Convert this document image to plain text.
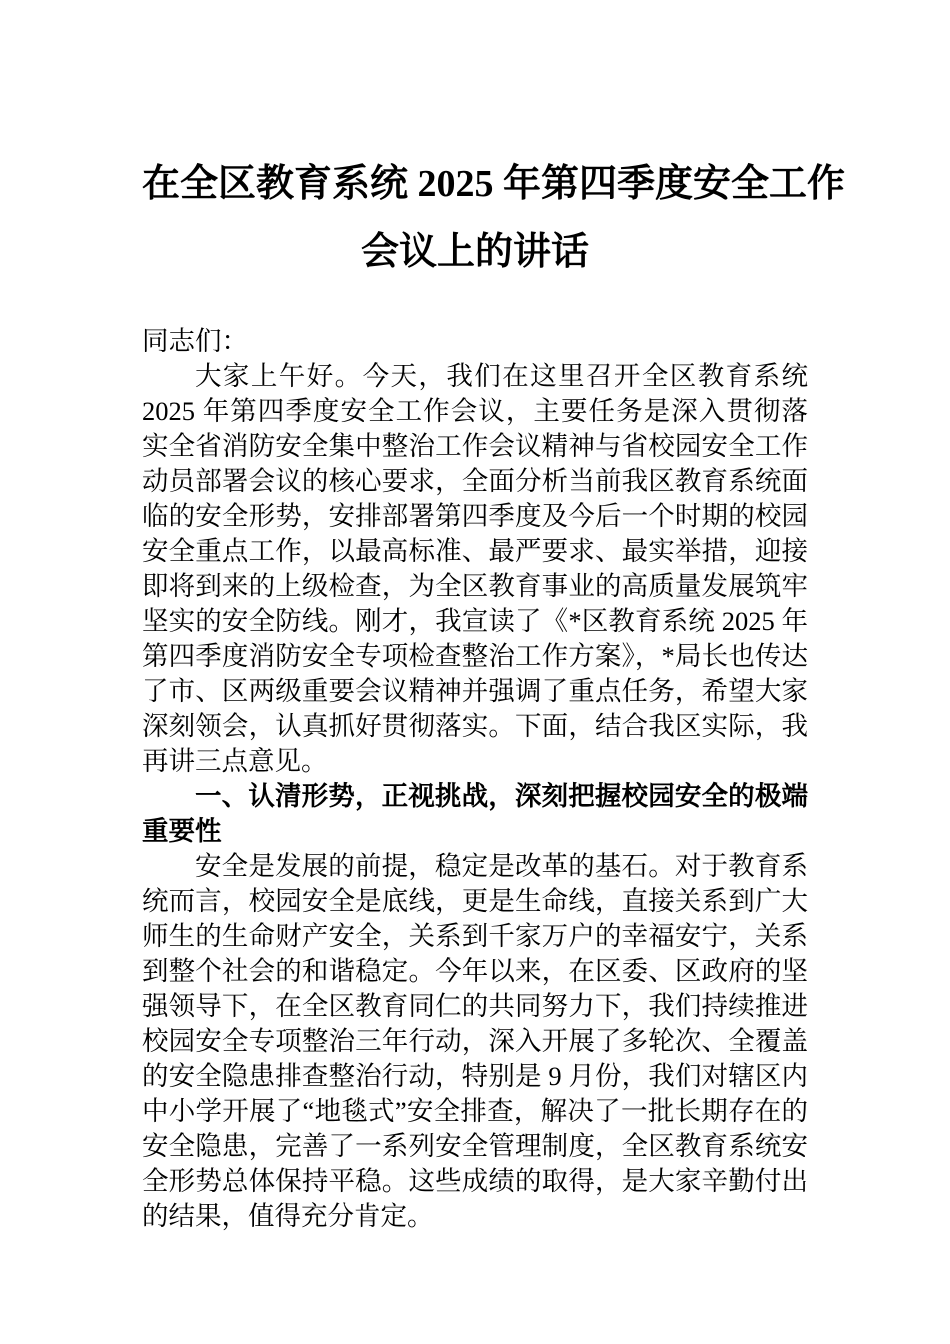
在全区教育系统 2025 年第四季度安全工作
会议上的讲话

同志们：

大家上午好。今天，我们在这里召开全区教育系统 2025 年第四季度安全工作会议，主要任务是深入贯彻落实全省消防安全集中整治工作会议精神与省校园安全工作动员部署会议的核心要求，全面分析当前我区教育系统面临的安全形势，安排部署第四季度及今后一个时期的校园安全重点工作，以最高标准、最严要求、最实举措，迎接即将到来的上级检查，为全区教育事业的高质量发展筑牢坚实的安全防线。刚才，我宣读了《*区教育系统 2025 年第四季度消防安全专项检查整治工作方案》，*局长也传达了市、区两级重要会议精神并强调了重点任务，希望大家深刻领会，认真抓好贯彻落实。下面，结合我区实际，我再讲三点意见。

一、认清形势，正视挑战，深刻把握校园安全的极端重要性

安全是发展的前提，稳定是改革的基石。对于教育系统而言，校园安全是底线，更是生命线，直接关系到广大师生的生命财产安全，关系到千家万户的幸福安宁，关系到整个社会的和谐稳定。今年以来，在区委、区政府的坚强领导下，在全区教育同仁的共同努力下，我们持续推进校园安全专项整治三年行动，深入开展了多轮次、全覆盖的安全隐患排查整治行动，特别是 9 月份，我们对辖区内中小学开展了“地毯式”安全排查，解决了一批长期存在的安全隐患，完善了一系列安全管理制度，全区教育系统安全形势总体保持平稳。这些成绩的取得，是大家辛勤付出的结果，值得充分肯定。
